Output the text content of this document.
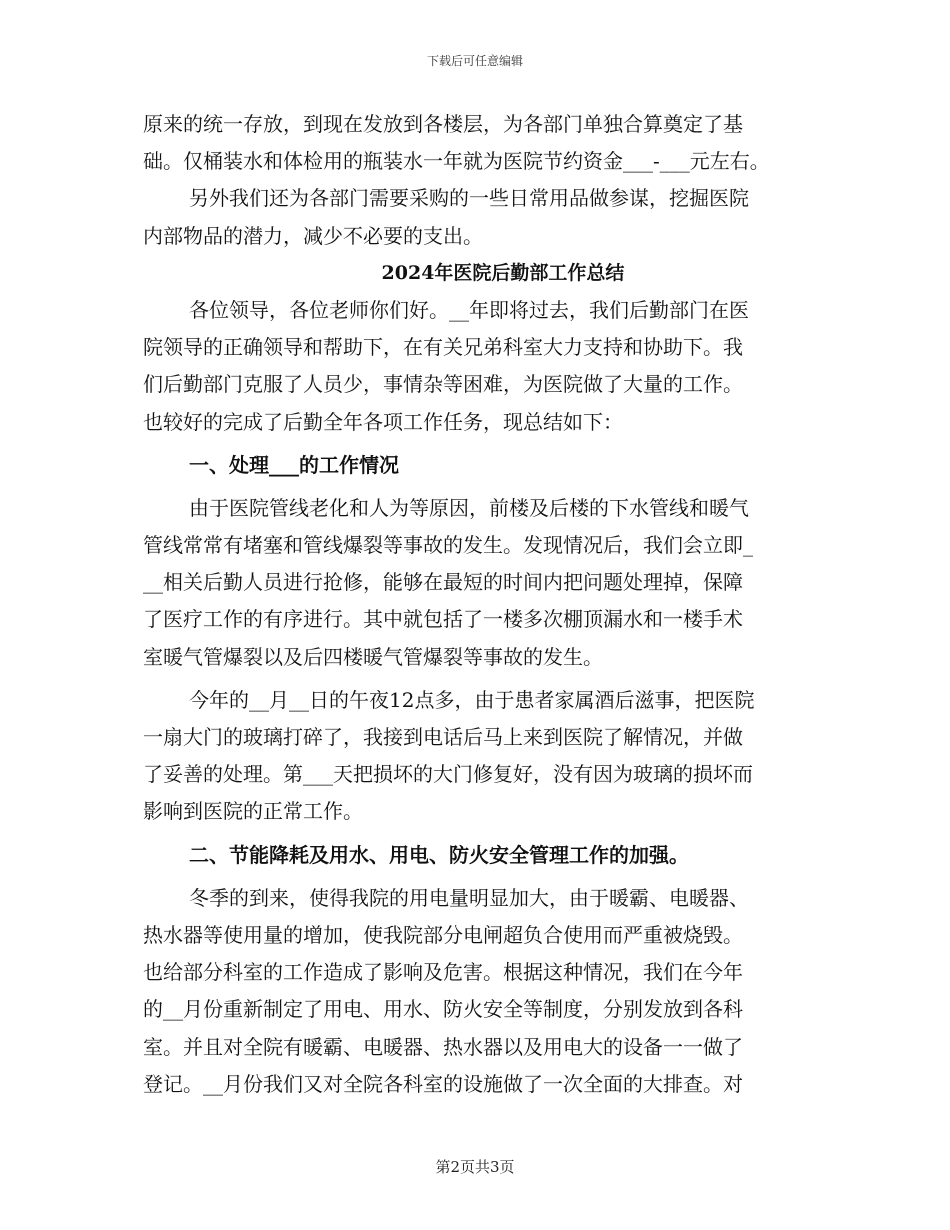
下载后可任意编辑
原来的统一存放，到现在发放到各楼层，为各部门单独合算奠定了基
础。仅桶装水和体检用的瓶装水一年就为医院节约资金___-___元左右。
另外我们还为各部门需要采购的一些日常用品做参谋，挖掘医院
内部物品的潜力，减少不必要的支出。
2024年医院后勤部工作总结
各位领导，各位老师你们好。__年即将过去，我们后勤部门在医
院领导的正确领导和帮助下，在有关兄弟科室大力支持和协助下。我
们后勤部门克服了人员少，事情杂等困难，为医院做了大量的工作。
也较好的完成了后勤全年各项工作任务，现总结如下：
一、处理___的工作情况
由于医院管线老化和人为等原因，前楼及后楼的下水管线和暖气
管线常常有堵塞和管线爆裂等事故的发生。发现情况后，我们会立即_
__相关后勤人员进行抢修，能够在最短的时间内把问题处理掉，保障
了医疗工作的有序进行。其中就包括了一楼多次棚顶漏水和一楼手术
室暖气管爆裂以及后四楼暖气管爆裂等事故的发生。
今年的__月__日的午夜12点多，由于患者家属酒后滋事，把医院
一扇大门的玻璃打碎了，我接到电话后马上来到医院了解情况，并做
了妥善的处理。第___天把损坏的大门修复好，没有因为玻璃的损坏而
影响到医院的正常工作。
二、节能降耗及用水、用电、防火安全管理工作的加强。
冬季的到来，使得我院的用电量明显加大，由于暖霸、电暖器、
热水器等使用量的增加，使我院部分电闸超负合使用而严重被烧毁。
也给部分科室的工作造成了影响及危害。根据这种情况，我们在今年
的__月份重新制定了用电、用水、防火安全等制度，分别发放到各科
室。并且对全院有暖霸、电暖器、热水器以及用电大的设备一一做了
登记。__月份我们又对全院各科室的设施做了一次全面的大排查。对
第2页共3页
